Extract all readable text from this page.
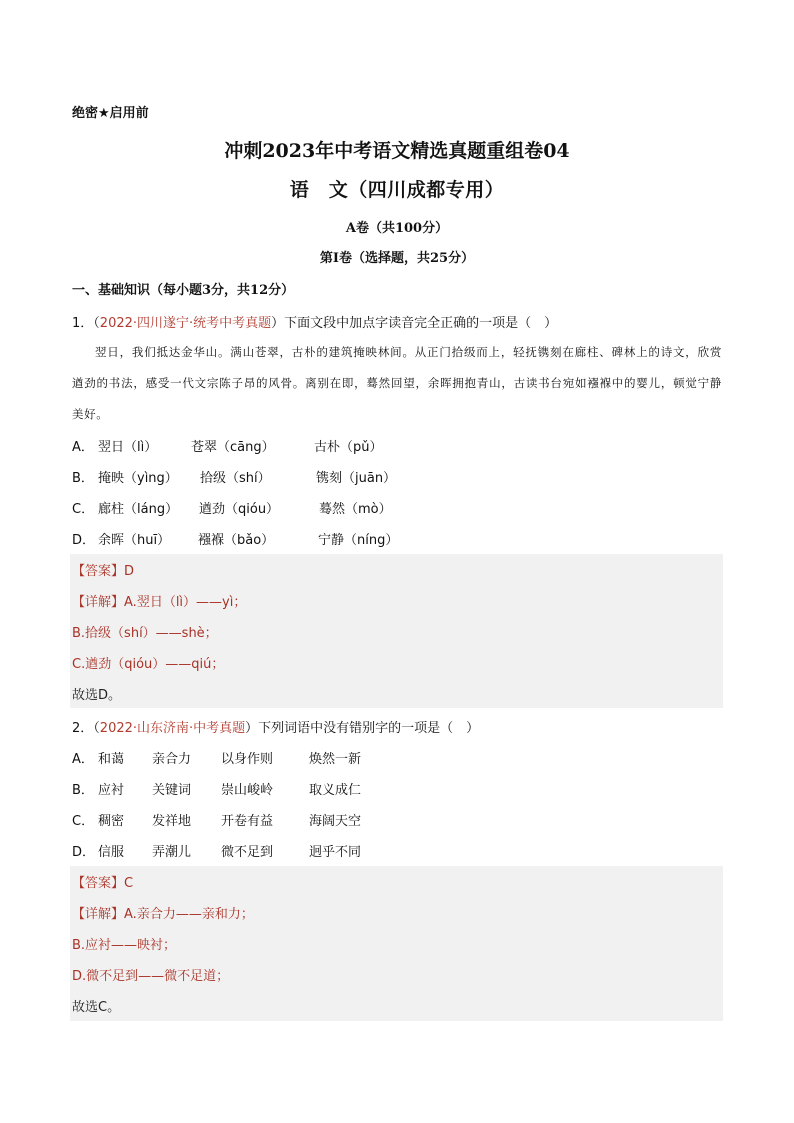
绝密★启用前
冲刺2023年中考语文精选真题重组卷04
语　文（四川成都专用）
A卷（共100分）
第Ⅰ卷（选择题，共25分）
一、基础知识（每小题3分，共12分）
1．（2022·四川遂宁·统考中考真题）下面文段中加点字读音完全正确的一项是（　）

翌日，我们抵达金华山。满山苍翠，古朴的建筑掩映林间。从正门拾级而上，轻抚镌刻在廊柱、碑林上的诗文，欣赏遒劲的书法，感受一代文宗陈子昂的风骨。离别在即，蓦然回望，余晖拥抱青山，古读书台宛如襁褓中的婴儿，顿觉宁静美好。

A． 翌日（lì）	苍翠（cāng）	古朴（pǔ）
B． 掩映（yìng） 拾级（shí）	镌刻（juān）
C． 廊柱（láng） 遒劲（qióu）	蓦然（mò）
D． 余晖（huī） 襁褓（bǎo）	宁静（níng）
【答案】D
【详解】A.翌日（lì）——yì；
B.拾级（shí）——shè；
C.遒劲（qióu）——qiú；
故选D。
2．（2022·山东济南·中考真题）下列词语中没有错别字的一项是（　）
A． 和蔼 亲合力 以身作则	焕然一新
B． 应衬 关键词 崇山峻岭	取义成仁
C． 稠密 发祥地 开卷有益	海阔天空
D． 信服 弄潮儿 微不足到	迥乎不同
【答案】C
【详解】A.亲合力——亲和力；
B.应衬——映衬；
D.微不足到——微不足道；
故选C。
